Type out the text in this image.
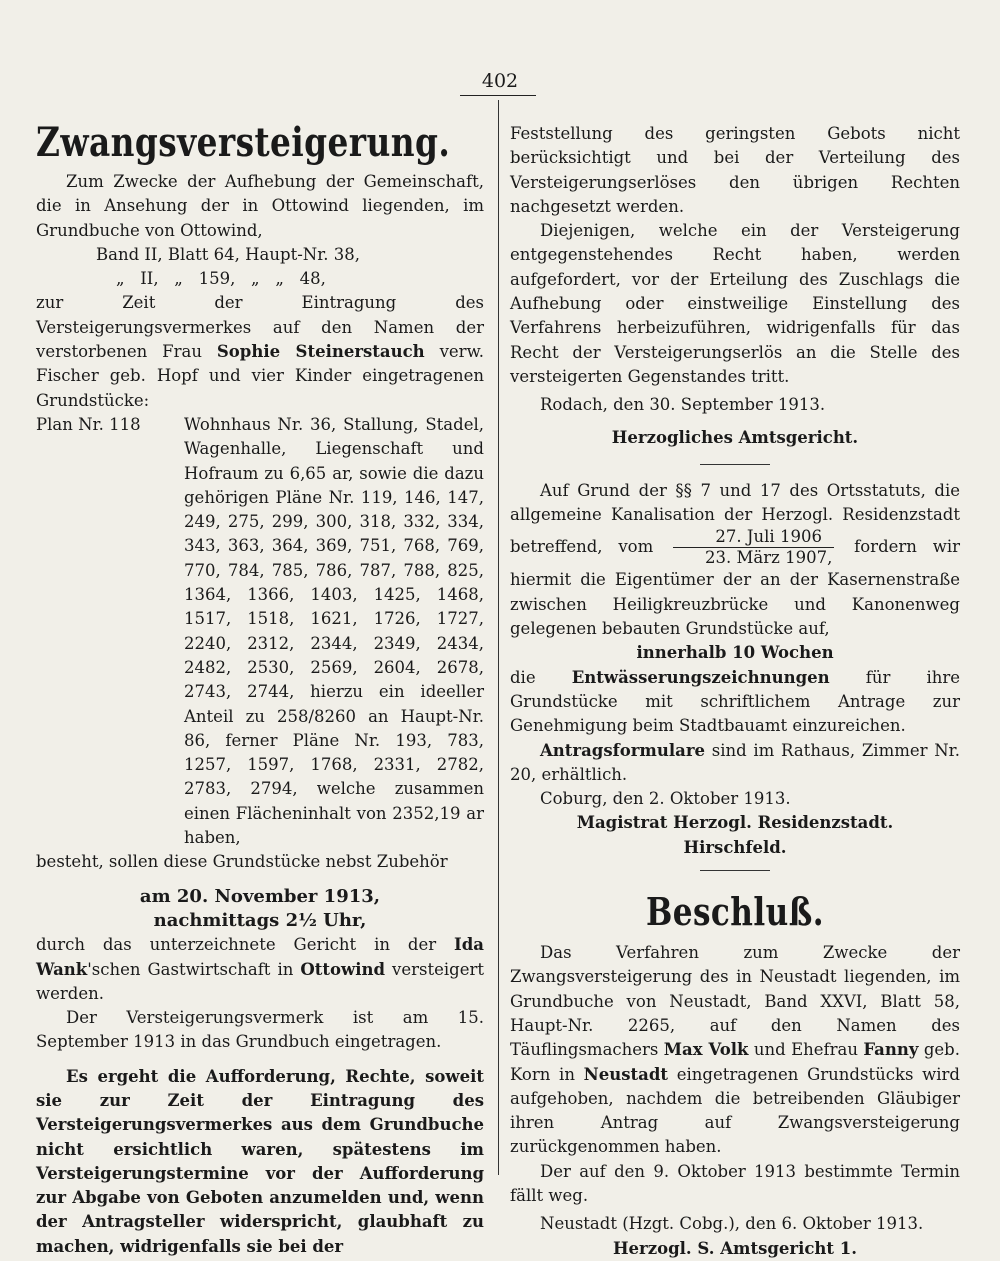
402
Zwangsversteigerung.

Zum Zwecke der Aufhebung der Gemeinschaft, die in Ansehung der in Ottowind liegenden, im Grundbuche von Ottowind,

Band II, Blatt 64, Haupt-Nr. 38,

„   II,   „   159,   „   „   48,

zur Zeit der Eintragung des Versteigerungsvermerkes auf den Namen der verstorbenen Frau Sophie Steinerstauch verw. Fischer geb. Hopf und vier Kinder eingetragenen Grundstücke:

Plan Nr. 118	Wohnhaus Nr. 36, Stallung, Stadel, Wagenhalle, Liegenschaft und Hofraum zu 6,65 ar, sowie die dazu gehörigen Pläne Nr. 119, 146, 147, 249, 275, 299, 300, 318, 332, 334, 343, 363, 364, 369, 751, 768, 769, 770, 784, 785, 786, 787, 788, 825, 1364, 1366, 1403, 1425, 1468, 1517, 1518, 1621, 1726, 1727, 2240, 2312, 2344, 2349, 2434, 2482, 2530, 2569, 2604, 2678, 2743, 2744, hierzu ein ideeller Anteil zu 258/8260 an Haupt-Nr. 86, ferner Pläne Nr. 193, 783, 1257, 1597, 1768, 2331, 2782, 2783, 2794, welche zusammen einen Flächeninhalt von 2352,19 ar haben,

besteht, sollen diese Grundstücke nebst Zubehör

am 20. November 1913,

nachmittags 2½ Uhr,

durch das unterzeichnete Gericht in der Ida Wank'schen Gastwirtschaft in Ottowind versteigert werden.

Der Versteigerungsvermerk ist am 15. September 1913 in das Grundbuch eingetragen.

Es ergeht die Aufforderung, Rechte, soweit sie zur Zeit der Eintragung des Versteigerungsvermerkes aus dem Grundbuche nicht ersichtlich waren, spätestens im Versteigerungstermine vor der Aufforderung zur Abgabe von Geboten anzumelden und, wenn der Antragsteller widerspricht, glaubhaft zu machen, widrigenfalls sie bei der

Feststellung des geringsten Gebots nicht berücksichtigt und bei der Verteilung des Versteigerungserlöses den übrigen Rechten nachgesetzt werden.

Diejenigen, welche ein der Versteigerung entgegenstehendes Recht haben, werden aufgefordert, vor der Erteilung des Zuschlags die Aufhebung oder einstweilige Einstellung des Verfahrens herbeizuführen, widrigenfalls für das Recht der Versteigerungserlös an die Stelle des versteigerten Gegenstandes tritt.

Rodach, den 30. September 1913.

Herzogliches Amtsgericht.

Auf Grund der §§ 7 und 17 des Ortsstatuts, die allgemeine Kanalisation der Herzogl. Residenzstadt betreffend, vom $\frac{\text{27. Juli 1906}}{\text{23. März 1907,}}$ fordern wir hiermit die Eigentümer der an der Kasernenstraße zwischen Heiligkreuzbrücke und Kanonenweg gelegenen bebauten Grundstücke auf,

innerhalb 10 Wochen

die Entwässerungszeichnungen für ihre Grundstücke mit schriftlichem Antrage zur Genehmigung beim Stadtbauamt einzureichen.

Antragsformulare sind im Rathaus, Zimmer Nr. 20, erhältlich.

Coburg, den 2. Oktober 1913.

Magistrat Herzogl. Residenzstadt.

Hirschfeld.

Beschluß.

Das Verfahren zum Zwecke der Zwangsversteigerung des in Neustadt liegenden, im Grundbuche von Neustadt, Band XXVI, Blatt 58, Haupt-Nr. 2265, auf den Namen des Täuflingsmachers Max Volk und Ehefrau Fanny geb. Korn in Neustadt eingetragenen Grundstücks wird aufgehoben, nachdem die betreibenden Gläubiger ihren Antrag auf Zwangsversteigerung zurückgenommen haben.

Der auf den 9. Oktober 1913 bestimmte Termin fällt weg.

Neustadt (Hzgt. Cobg.), den 6. Oktober 1913.

Herzogl. S. Amtsgericht 1.
